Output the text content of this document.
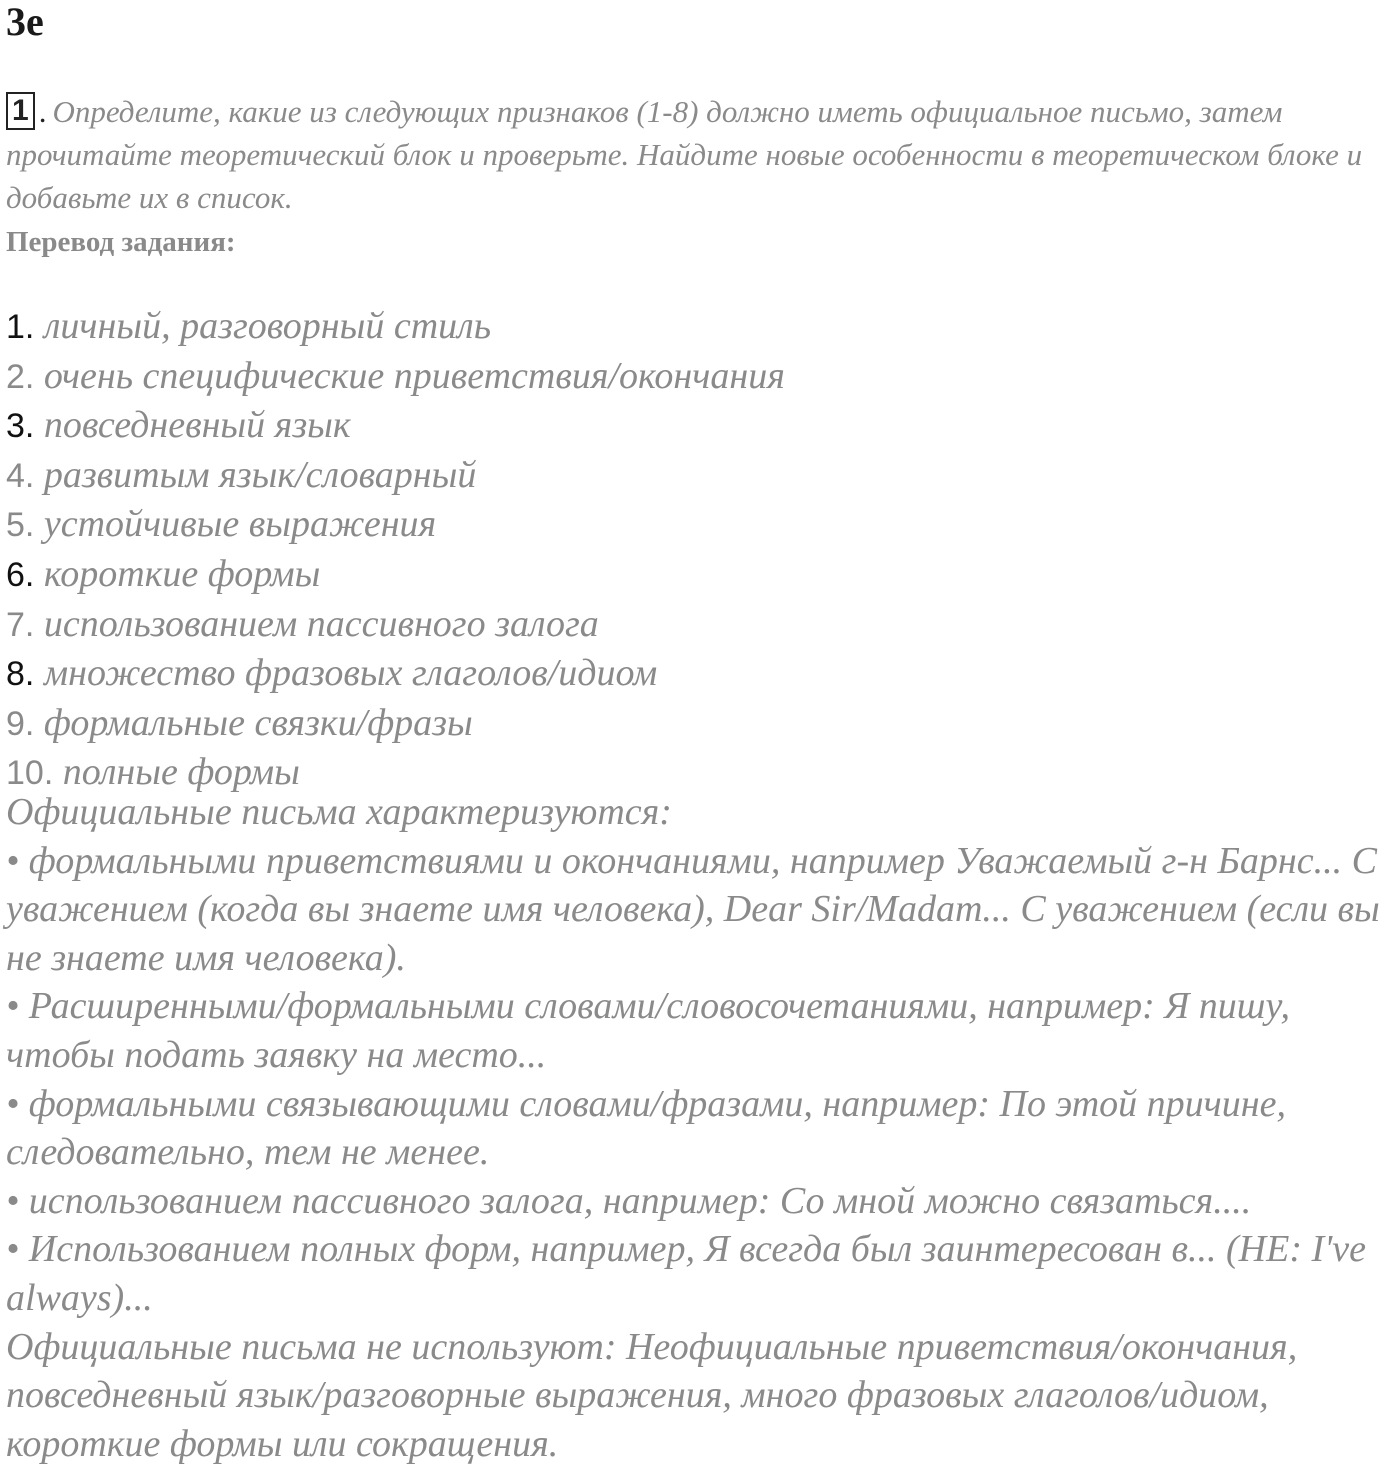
3e
1 . Определите, какие из следующих признаков (1-8) должно иметь официальное письмо, затем прочитайте теоретический блок и проверьте. Найдите новые особенности в теоретическом блоке и добавьте их в список.
Перевод задания:
1. личный, разговорный стиль
2. очень специфические приветствия/окончания
3. повседневный язык
4. развитым язык/словарный
5. устойчивые выражения
6. короткие формы
7. использованием пассивного залога
8. множество фразовых глаголов/идиом
9. формальные связки/фразы
10. полные формы

Официальные письма характеризуются:

• формальными приветствиями и окончаниями, например Уважаемый г-н Барнс... С уважением (когда вы знаете имя человека), Dear Sir/Madam... С уважением (если вы не знаете имя человека).

• Расширенными/формальными словами/словосочетаниями, например: Я пишу, чтобы подать заявку на место...

• формальными связывающими словами/фразами, например: По этой причине, следовательно, тем не менее.

• использованием пассивного залога, например: Со мной можно связаться....

• Использованием полных форм, например, Я всегда был заинтересован в... (НЕ: I've always)...

Официальные письма не используют: Неофициальные приветствия/окончания, повседневный язык/разговорные выражения, много фразовых глаголов/идиом, короткие формы или сокращения.
